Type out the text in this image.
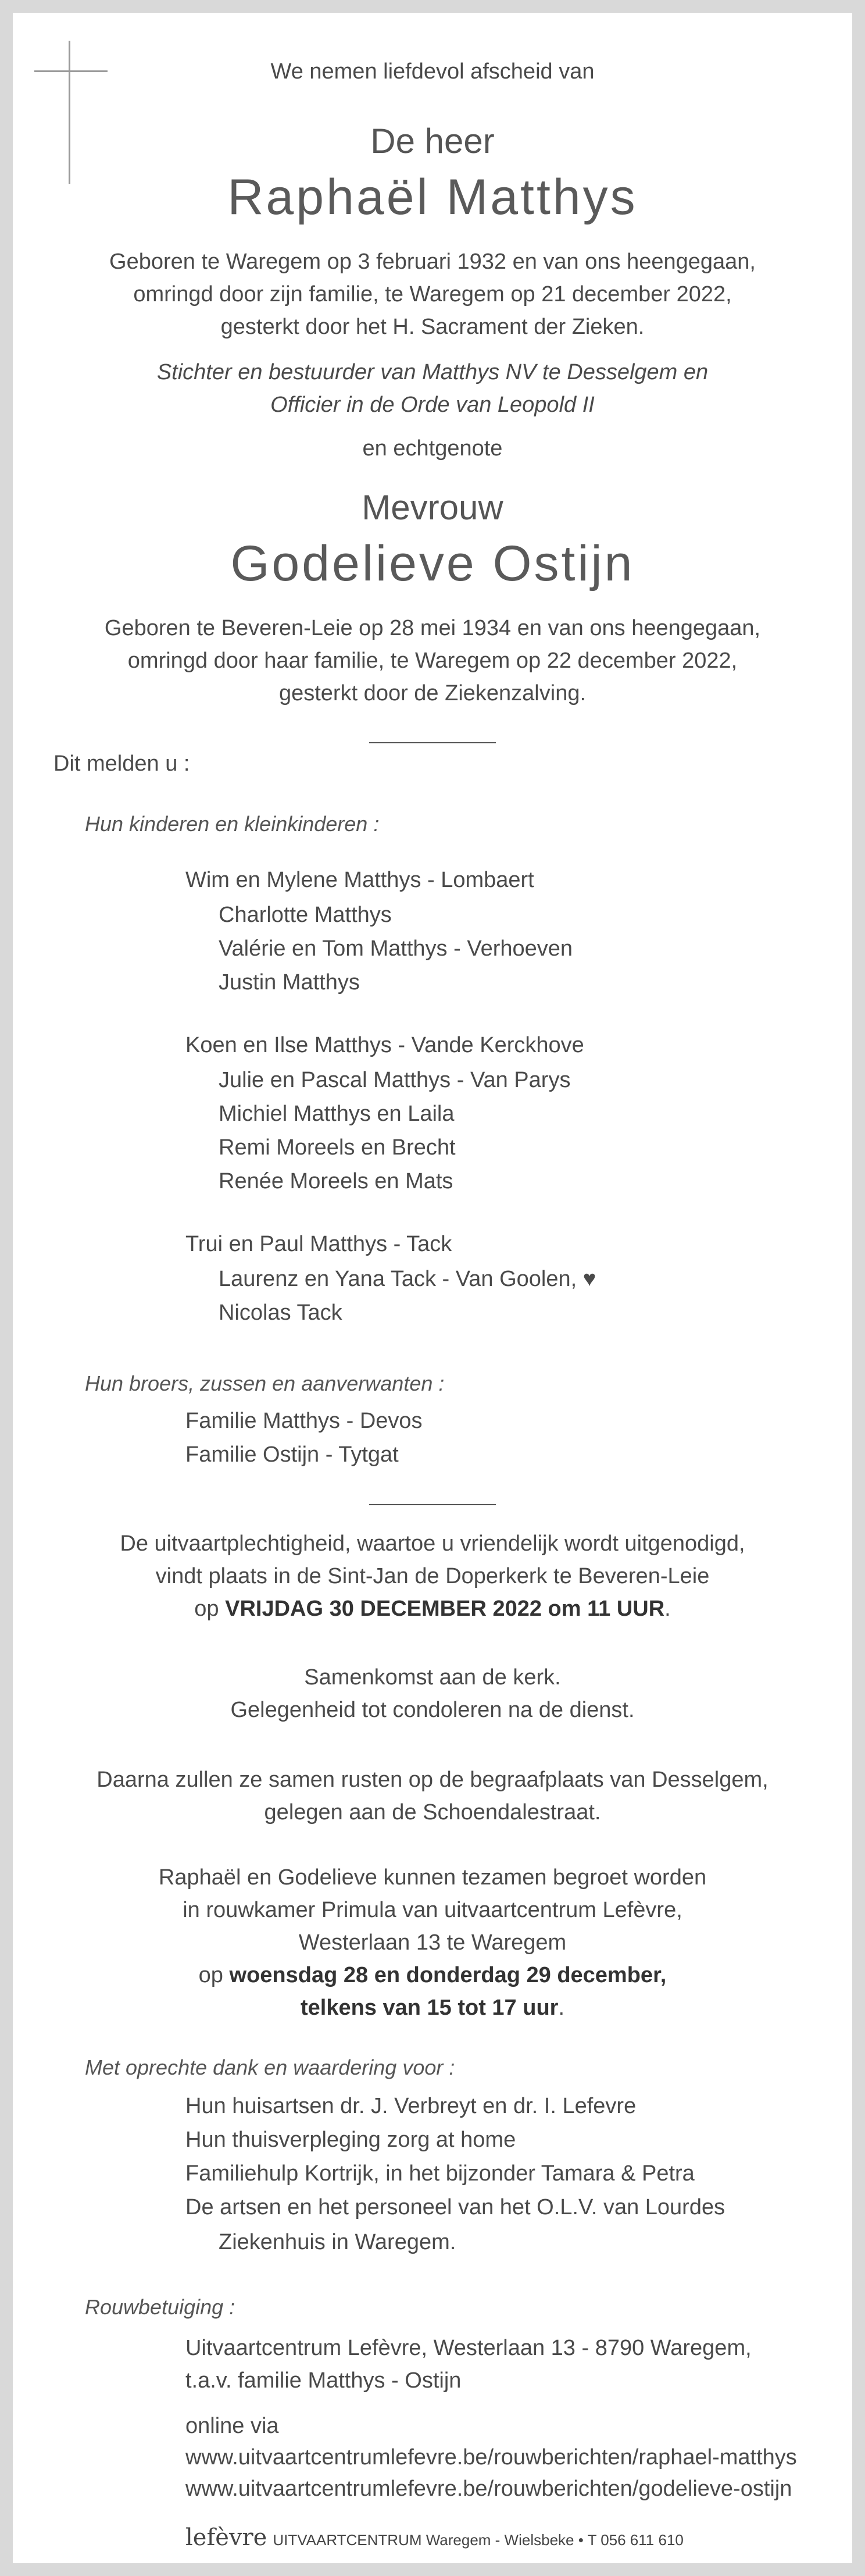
We nemen liefdevol afscheid van
De heer
Raphaël Matthys
Geboren te Waregem op 3 februari 1932 en van ons heengegaan,
omringd door zijn familie, te Waregem op 21 december 2022,
gesterkt door het H. Sacrament der Zieken.
Stichter en bestuurder van Matthys NV te Desselgem en
Officier in de Orde van Leopold II
en echtgenote
Mevrouw
Godelieve Ostijn
Geboren te Beveren-Leie op 28 mei 1934 en van ons heengegaan,
omringd door haar familie, te Waregem op 22 december 2022,
gesterkt door de Ziekenzalving.
Dit melden u :
Hun kinderen en kleinkinderen :
Wim en Mylene Matthys - Lombaert
Charlotte Matthys
Valérie en Tom Matthys - Verhoeven
Justin Matthys
Koen en Ilse Matthys - Vande Kerckhove
Julie en Pascal Matthys - Van Parys
Michiel Matthys en Laila
Remi Moreels en Brecht
Renée Moreels en Mats
Trui en Paul Matthys - Tack
Laurenz en Yana Tack - Van Goolen, ♥
Nicolas Tack
Hun broers, zussen en aanverwanten :
Familie Matthys - Devos
Familie Ostijn - Tytgat
De uitvaartplechtigheid, waartoe u vriendelijk wordt uitgenodigd,
vindt plaats in de Sint-Jan de Doperkerk te Beveren-Leie
op VRIJDAG 30 DECEMBER 2022 om 11 UUR.
Samenkomst aan de kerk.
Gelegenheid tot condoleren na de dienst.
Daarna zullen ze samen rusten op de begraafplaats van Desselgem,
gelegen aan de Schoendalestraat.
Raphaël en Godelieve kunnen tezamen begroet worden
in rouwkamer Primula van uitvaartcentrum Lefèvre,
Westerlaan 13 te Waregem
op woensdag 28 en donderdag 29 december,
telkens van 15 tot 17 uur.
Met oprechte dank en waardering voor :
Hun huisartsen dr. J. Verbreyt en dr. I. Lefevre
Hun thuisverpleging zorg at home
Familiehulp Kortrijk, in het bijzonder Tamara & Petra
De artsen en het personeel van het O.L.V. van Lourdes
Ziekenhuis in Waregem.
Rouwbetuiging :
Uitvaartcentrum Lefèvre, Westerlaan 13 - 8790 Waregem,
t.a.v. familie Matthys - Ostijn
online via
www.uitvaartcentrumlefevre.be/rouwberichten/raphael-matthys
www.uitvaartcentrumlefevre.be/rouwberichten/godelieve-ostijn
lefèvre UITVAARTCENTRUM Waregem - Wielsbeke • T 056 611 610
